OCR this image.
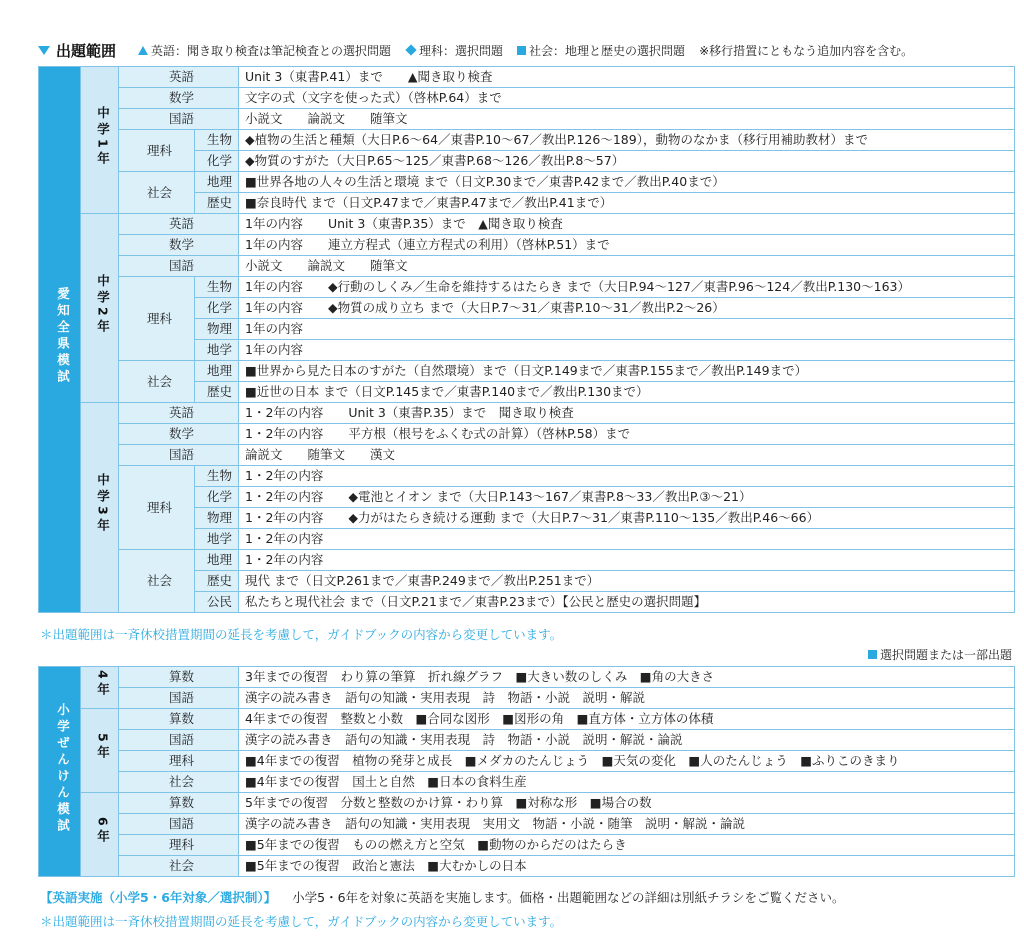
出題範囲	英語：聞き取り検査は筆記検査との選択問題 理科：選択問題 社会：地理と歴史の選択問題 ※移行措置にともなう追加内容を含む。
愛知全県模試	中学1年	英語		Unit 3（東書P.41）まで　　▲聞き取り検査
		数学		文字の式（文字を使った式）（啓林P.64）まで
		国語		小説文　　論説文　　随筆文
		理科	生物	◆植物の生活と種類（大日P.6～64／東書P.10～67／教出P.126～189），動物のなかま（移行用補助教材）まで
			化学	◆物質のすがた（大日P.65～125／東書P.68～126／教出P.8～57）
		社会	地理	■世界各地の人々の生活と環境 まで（日文P.30まで／東書P.42まで／教出P.40まで）
			歴史	■奈良時代 まで（日文P.47まで／東書P.47まで／教出P.41まで）
	中学2年	英語		1年の内容　　Unit 3（東書P.35）まで　▲聞き取り検査
		数学		1年の内容　　連立方程式（連立方程式の利用）（啓林P.51）まで
		国語		小説文　　論説文　　随筆文
		理科	生物	1年の内容　　◆行動のしくみ／生命を維持するはたらき まで（大日P.94～127／東書P.96～124／教出P.130～163）
			化学	1年の内容　　◆物質の成り立ち まで（大日P.7～31／東書P.10～31／教出P.2～26）
			物理	1年の内容
			地学	1年の内容
		社会	地理	■世界から見た日本のすがた（自然環境）まで（日文P.149まで／東書P.155まで／教出P.149まで）
			歴史	■近世の日本 まで（日文P.145まで／東書P.140まで／教出P.130まで）
	中学3年	英語		1・2年の内容　　Unit 3（東書P.35）まで　聞き取り検査
		数学		1・2年の内容　　平方根（根号をふくむ式の計算）（啓林P.58）まで
		国語		論説文　　随筆文　　漢文
		理科	生物	1・2年の内容
			化学	1・2年の内容　　◆電池とイオン まで（大日P.143～167／東書P.8～33／教出P.③～21）
			物理	1・2年の内容　　◆力がはたらき続ける運動 まで（大日P.7～31／東書P.110～135／教出P.46～66）
			地学	1・2年の内容
		社会	地理	1・2年の内容
			歴史	現代 まで（日文P.261まで／東書P.249まで／教出P.251まで）
			公民	私たちと現代社会 まで（日文P.21まで／東書P.23まで）【公民と歴史の選択問題】
＊出題範囲は一斉休校措置期間の延長を考慮して，ガイドブックの内容から変更しています。
選択問題または一部出題
小学ぜんけん模試	4年	算数	3年までの復習　わり算の筆算　折れ線グラフ　■大きい数のしくみ　■角の大きさ
		国語	漢字の読み書き　語句の知識・実用表現　詩　物語・小説　説明・解説
	5年	算数	4年までの復習　整数と小数　■合同な図形　■図形の角　■直方体・立方体の体積
		国語	漢字の読み書き　語句の知識・実用表現　詩　物語・小説　説明・解説・論説
		理科	■4年までの復習　植物の発芽と成長　■メダカのたんじょう　■天気の変化　■人のたんじょう　■ふりこのきまり
		社会	■4年までの復習　国土と自然　■日本の食料生産
	6年	算数	5年までの復習　分数と整数のかけ算・わり算　■対称な形　■場合の数
		国語	漢字の読み書き　語句の知識・実用表現　実用文　物語・小説・随筆　説明・解説・論説
		理科	■5年までの復習　ものの燃え方と空気　■動物のからだのはたらき
		社会	■5年までの復習　政治と憲法　■大むかしの日本
【英語実施（小学5・6年対象／選択制）】 小学5・6年を対象に英語を実施します。価格・出題範囲などの詳細は別紙チラシをご覧ください。
＊出題範囲は一斉休校措置期間の延長を考慮して，ガイドブックの内容から変更しています。
